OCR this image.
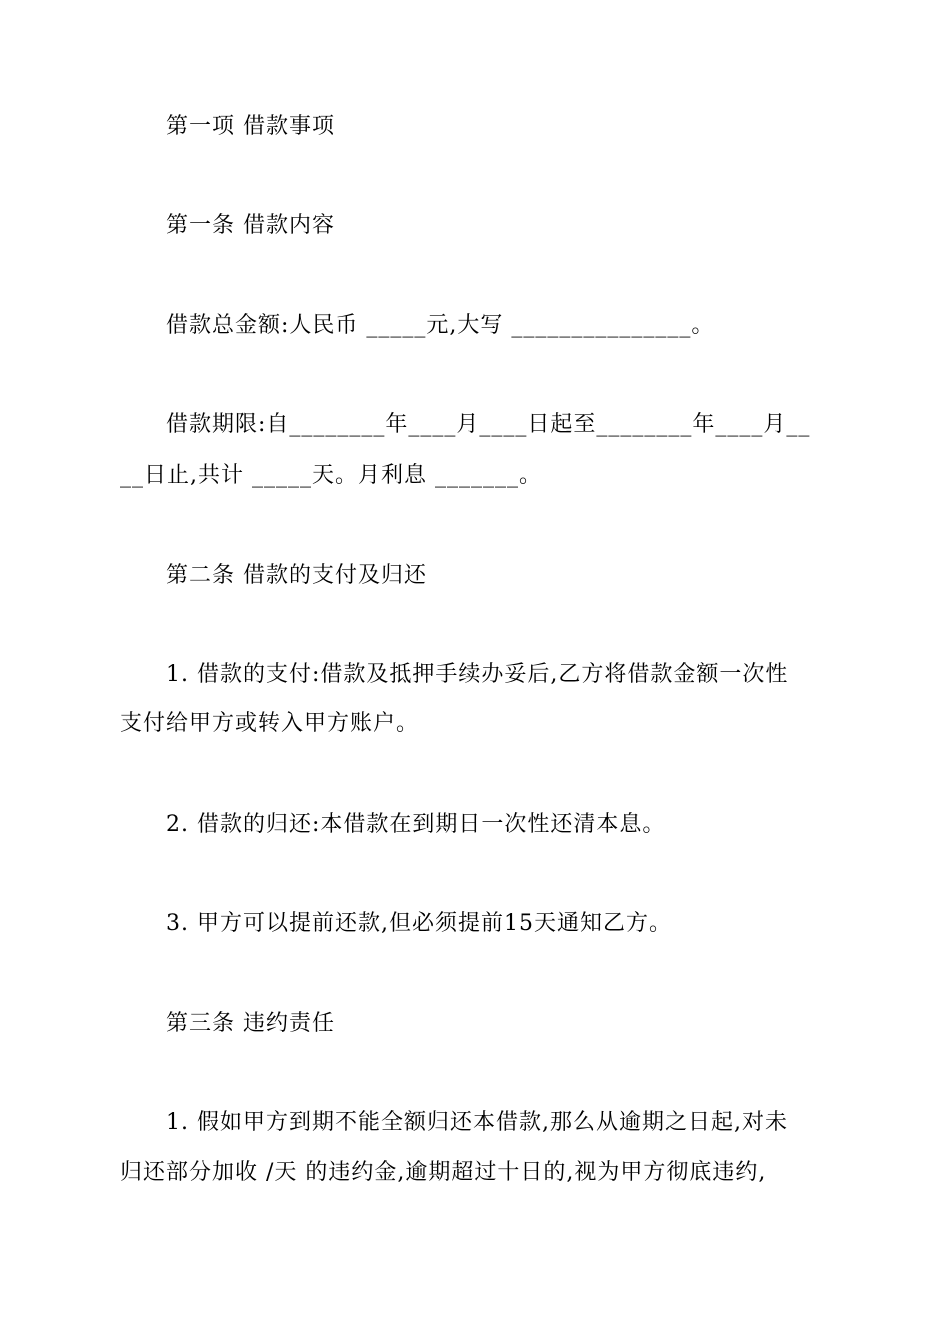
第一项 借款事项
第一条 借款内容
借款总金额:人民币 _____元,大写 _______________。
借款期限:自________年____月____日起至________年____月__
__日止,共计 _____天。月利息 _______。
第二条 借款的支付及归还
1. 借款的支付:借款及抵押手续办妥后,乙方将借款金额一次性
支付给甲方或转入甲方账户。
2. 借款的归还:本借款在到期日一次性还清本息。
3. 甲方可以提前还款,但必须提前15天通知乙方。
第三条 违约责任
1. 假如甲方到期不能全额归还本借款,那么从逾期之日起,对未
归还部分加收 /天 的违约金,逾期超过十日的,视为甲方彻底违约,
